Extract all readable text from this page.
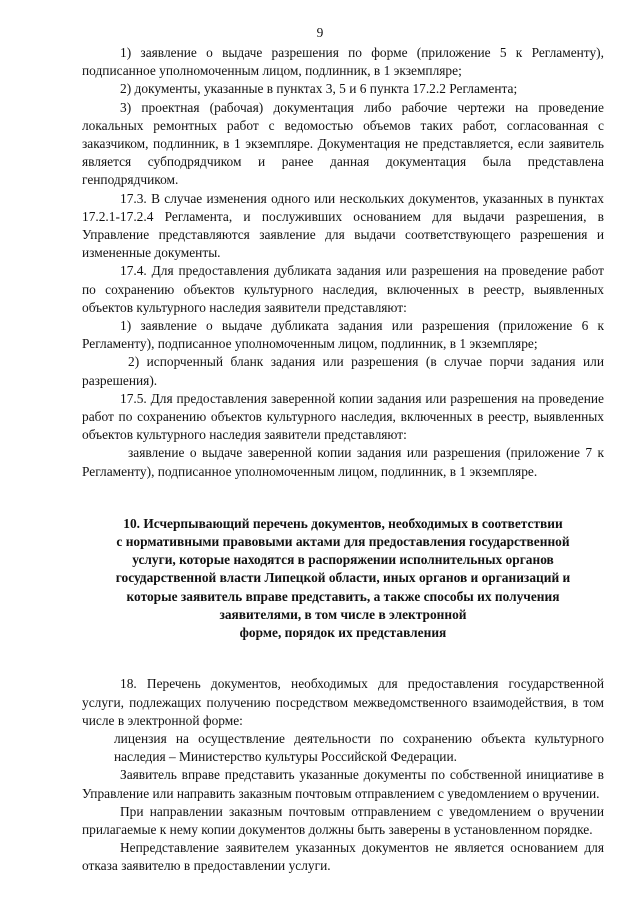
9

1) заявление о выдаче разрешения по форме (приложение 5 к Регламенту), подписанное уполномоченным лицом, подлинник, в 1 экземпляре;

2) документы, указанные в пунктах 3, 5 и 6 пункта 17.2.2 Регламента;

3) проектная (рабочая) документация либо рабочие чертежи на проведение локальных ремонтных работ с ведомостью объемов таких работ, согласованная с заказчиком, подлинник, в 1 экземпляре. Документация не представляется, если заявитель является субподрядчиком и ранее данная документация была представлена генподрядчиком.

17.3. В случае изменения одного или нескольких документов, указанных в пунктах 17.2.1-17.2.4 Регламента, и послуживших основанием для выдачи разрешения, в Управление представляются заявление для выдачи соответствующего разрешения и измененные документы.

17.4. Для предоставления дубликата задания или разрешения на проведение работ по сохранению объектов культурного наследия, включенных в реестр, выявленных объектов культурного наследия заявители представляют:

1) заявление о выдаче дубликата задания или разрешения (приложение 6 к Регламенту), подписанное уполномоченным лицом, подлинник, в 1 экземпляре;

2) испорченный бланк задания или разрешения (в случае порчи задания или разрешения).

17.5. Для предоставления заверенной копии задания или разрешения на проведение работ по сохранению объектов культурного наследия, включенных в реестр, выявленных объектов культурного наследия заявители представляют:

заявление о выдаче заверенной копии задания или разрешения (приложение 7 к Регламенту), подписанное уполномоченным лицом, подлинник, в 1 экземпляре.

10. Исчерпывающий перечень документов, необходимых в соответствии

с нормативными правовыми актами для предоставления государственной

услуги, которые находятся в распоряжении исполнительных органов

государственной власти Липецкой области, иных органов и организаций и

которые заявитель вправе представить, а также способы их получения

заявителями, в том числе в электронной

форме, порядок их представления

18. Перечень документов, необходимых для предоставления государственной услуги, подлежащих получению посредством межведомственного взаимодействия, в том числе в электронной форме:

лицензия на осуществление деятельности по сохранению объекта культурного наследия – Министерство культуры Российской Федерации.

Заявитель вправе представить указанные документы по собственной инициативе в Управление или направить заказным почтовым отправлением с уведомлением о вручении.

При направлении заказным почтовым отправлением с уведомлением о вручении прилагаемые к нему копии документов должны быть заверены в установленном порядке.

Непредставление заявителем указанных документов не является основанием для отказа заявителю в предоставлении услуги.
